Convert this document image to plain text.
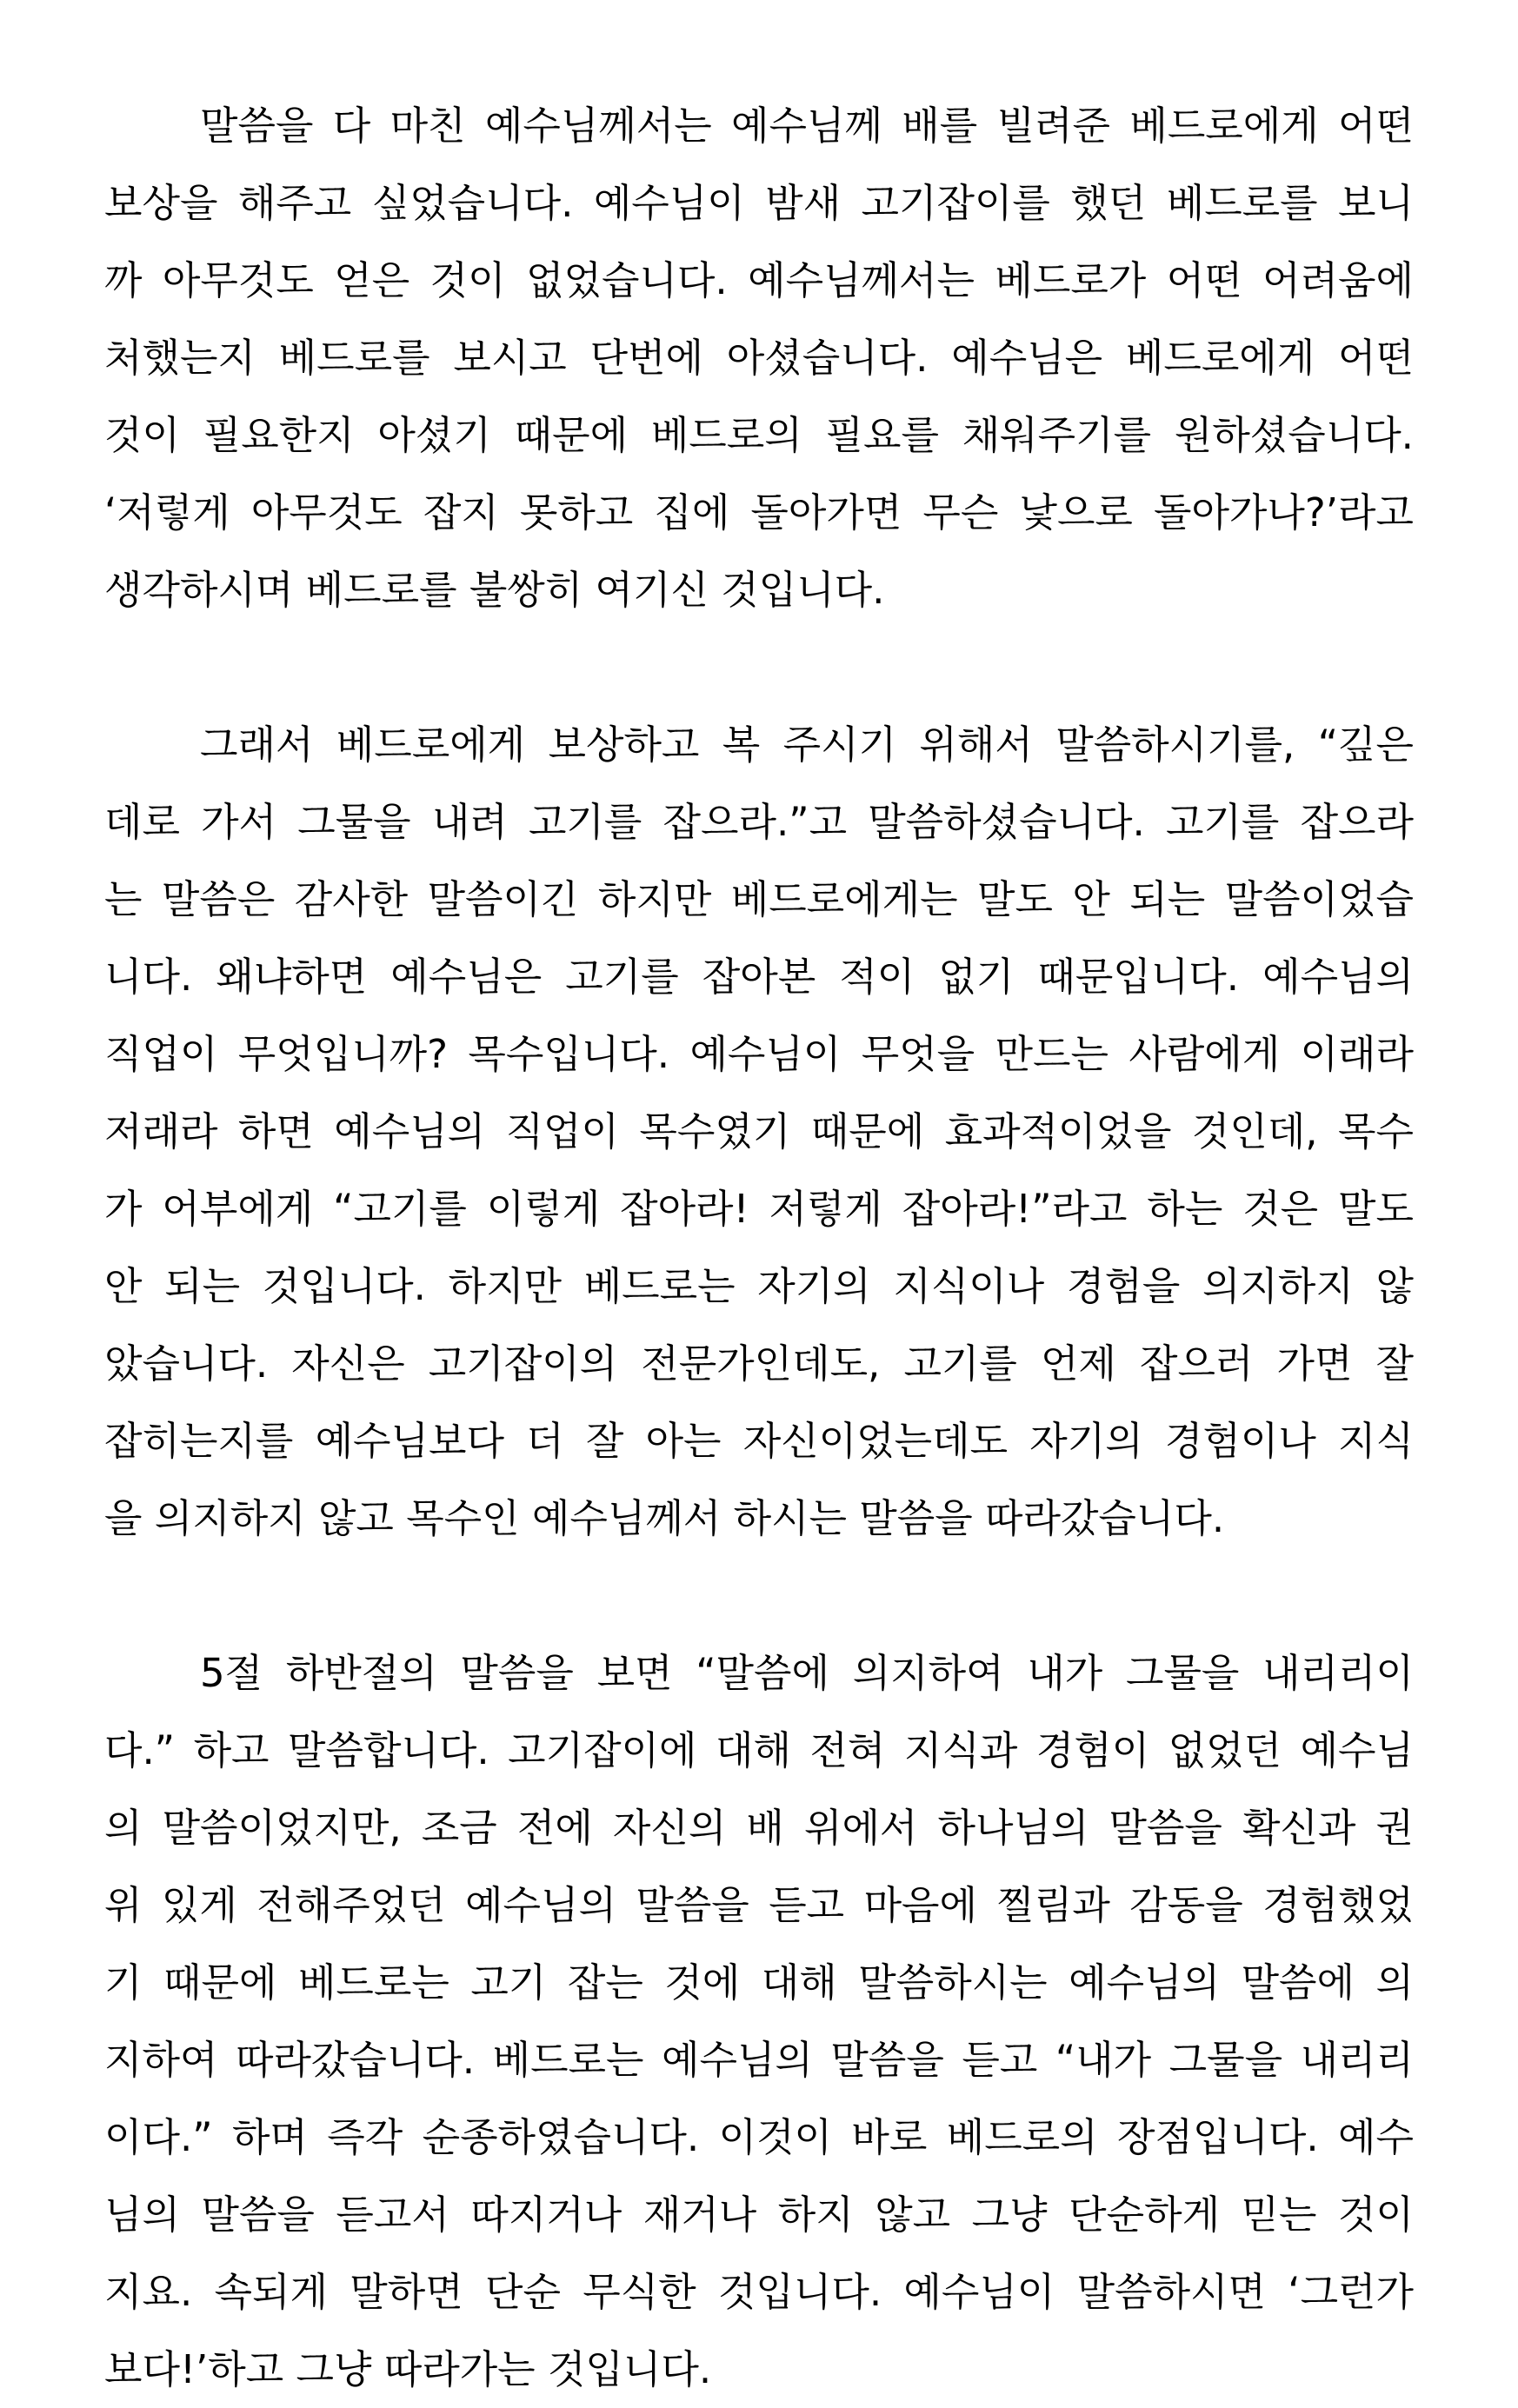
말씀을 다 마친 예수님께서는 예수님께 배를 빌려준 베드로에게 어떤
보상을 해주고 싶었습니다. 예수님이 밤새 고기잡이를 했던 베드로를 보니
까 아무것도 얻은 것이 없었습니다. 예수님께서는 베드로가 어떤 어려움에
처했는지 베드로를 보시고 단번에 아셨습니다. 예수님은 베드로에게 어떤
것이 필요한지 아셨기 때문에 베드로의 필요를 채워주기를 원하셨습니다.
‘저렇게 아무것도 잡지 못하고 집에 돌아가면 무슨 낯으로 돌아가나?’라고
생각하시며 베드로를 불쌍히 여기신 것입니다.

그래서 베드로에게 보상하고 복 주시기 위해서 말씀하시기를, “깊은
데로 가서 그물을 내려 고기를 잡으라.”고 말씀하셨습니다. 고기를 잡으라
는 말씀은 감사한 말씀이긴 하지만 베드로에게는 말도 안 되는 말씀이었습
니다. 왜냐하면 예수님은 고기를 잡아본 적이 없기 때문입니다. 예수님의
직업이 무엇입니까? 목수입니다. 예수님이 무엇을 만드는 사람에게 이래라
저래라 하면 예수님의 직업이 목수였기 때문에 효과적이었을 것인데, 목수
가 어부에게 “고기를 이렇게 잡아라! 저렇게 잡아라!”라고 하는 것은 말도
안 되는 것입니다. 하지만 베드로는 자기의 지식이나 경험을 의지하지 않
았습니다. 자신은 고기잡이의 전문가인데도, 고기를 언제 잡으러 가면 잘
잡히는지를 예수님보다 더 잘 아는 자신이었는데도 자기의 경험이나 지식
을 의지하지 않고 목수인 예수님께서 하시는 말씀을 따라갔습니다.

5절 하반절의 말씀을 보면 “말씀에 의지하여 내가 그물을 내리리이
다.” 하고 말씀합니다. 고기잡이에 대해 전혀 지식과 경험이 없었던 예수님
의 말씀이었지만, 조금 전에 자신의 배 위에서 하나님의 말씀을 확신과 권
위 있게 전해주었던 예수님의 말씀을 듣고 마음에 찔림과 감동을 경험했었
기 때문에 베드로는 고기 잡는 것에 대해 말씀하시는 예수님의 말씀에 의
지하여 따라갔습니다. 베드로는 예수님의 말씀을 듣고 “내가 그물을 내리리
이다.” 하며 즉각 순종하였습니다. 이것이 바로 베드로의 장점입니다. 예수
님의 말씀을 듣고서 따지거나 재거나 하지 않고 그냥 단순하게 믿는 것이
지요. 속되게 말하면 단순 무식한 것입니다. 예수님이 말씀하시면 ‘그런가
보다!’하고 그냥 따라가는 것입니다.
